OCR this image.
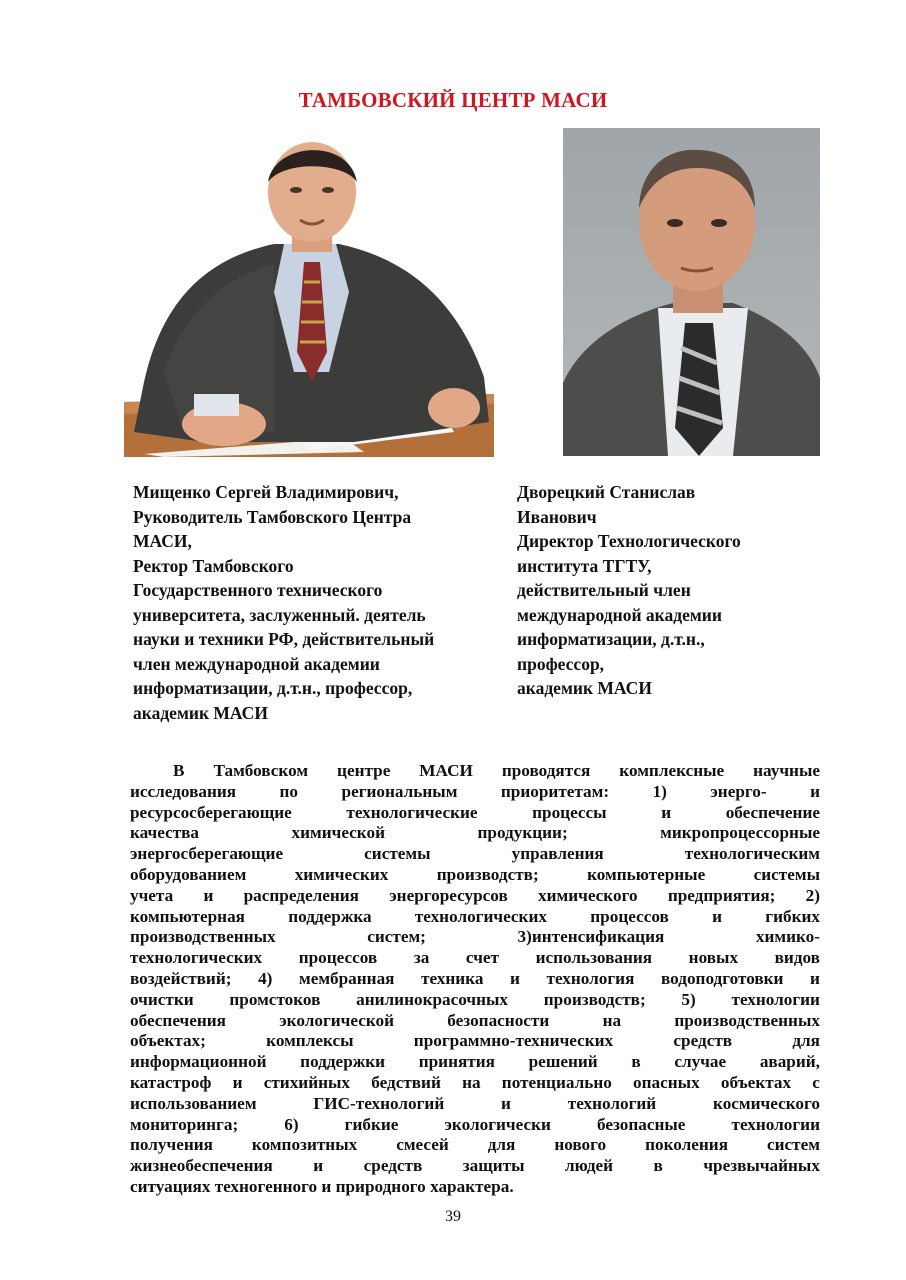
ТАМБОВСКИЙ ЦЕНТР МАСИ
Мищенко Сергей Владимирович,
Руководитель Тамбовского Центра
МАСИ,
Ректор Тамбовского
Государственного технического
университета, заслуженный. деятель
науки и техники РФ, действительный
член международной академии
информатизации, д.т.н., профессор,
академик МАСИ
Дворецкий Станислав
Иванович
Директор Технологического
института ТГТУ,
действительный член
международной академии
информатизации, д.т.н.,
профессор,
академик МАСИ
В Тамбовском центре МАСИ проводятся комплексные научные
исследования	по	региональным	приоритетам:	1)	энерго-	и
ресурсосберегающие	технологические	процессы	и	обеспечение
качества	химической	продукции;	микропроцессорные
энергосберегающие	системы	управления	технологическим
оборудованием	химических	производств;	компьютерные	системы
учета и распределения энергоресурсов химического предприятия; 2)
компьютерная	поддержка	технологических	процессов	и	гибких
производственных	систем;	3)интенсификация	химико-
технологических процессов за счет использования новых видов
воздействий; 4) мембранная техника и технология водоподготовки и
очистки промстоков анилинокрасочных производств; 5) технологии
обеспечения	экологической	безопасности	на	производственных
объектах;	комплексы	программно-технических	средств	для
информационной поддержки принятия решений в случае аварий,
катастроф и стихийных бедствий на потенциально опасных объектах с
использованием	ГИС-технологий	и	технологий	космического
мониторинга;	6)	гибкие	экологически	безопасные	технологии
получения композитных смесей для нового поколения систем
жизнеобеспечения и средств защиты людей в чрезвычайных
ситуациях техногенного и природного характера.
39
